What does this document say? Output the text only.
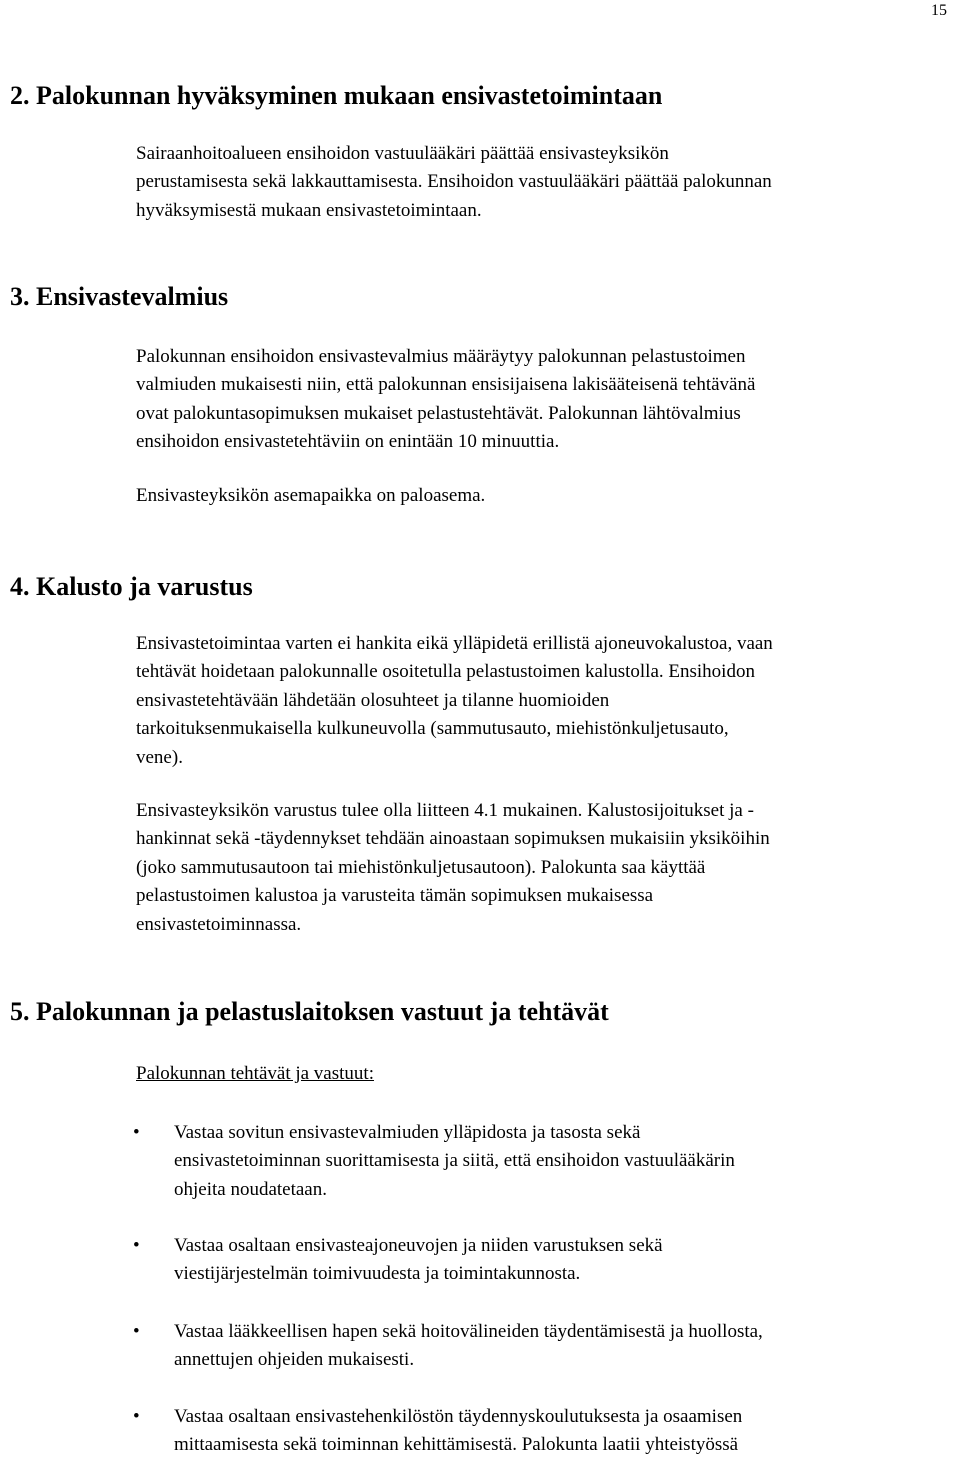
15
2. Palokunnan hyväksyminen mukaan ensivastetoimintaan
Sairaanhoitoalueen ensihoidon vastuulääkäri päättää ensivasteyksikön
perustamisesta sekä lakkauttamisesta. Ensihoidon vastuulääkäri päättää palokunnan
hyväksymisestä mukaan ensivastetoimintaan.
3. Ensivastevalmius
Palokunnan ensihoidon ensivastevalmius määräytyy palokunnan pelastustoimen
valmiuden mukaisesti niin, että palokunnan ensisijaisena lakisääteisenä tehtävänä
ovat palokuntasopimuksen mukaiset pelastustehtävät. Palokunnan lähtövalmius
ensihoidon ensivastetehtäviin on enintään 10 minuuttia.
Ensivasteyksikön asemapaikka on paloasema.
4. Kalusto ja varustus
Ensivastetoimintaa varten ei hankita eikä ylläpidetä erillistä ajoneuvokalustoa, vaan
tehtävät hoidetaan palokunnalle osoitetulla pelastustoimen kalustolla. Ensihoidon
ensivastetehtävään lähdetään olosuhteet ja tilanne huomioiden
tarkoituksenmukaisella kulkuneuvolla (sammutusauto, miehistönkuljetusauto,
vene).
Ensivasteyksikön varustus tulee olla liitteen 4.1 mukainen. Kalustosijoitukset ja -
hankinnat sekä -täydennykset tehdään ainoastaan sopimuksen mukaisiin yksiköihin
(joko sammutusautoon tai miehistönkuljetusautoon). Palokunta saa käyttää
pelastustoimen kalustoa ja varusteita tämän sopimuksen mukaisessa
ensivastetoiminnassa.
5. Palokunnan ja pelastuslaitoksen vastuut ja tehtävät
Palokunnan tehtävät ja vastuut:
• Vastaa sovitun ensivastevalmiuden ylläpidosta ja tasosta sekä
ensivastetoiminnan suorittamisesta ja siitä, että ensihoidon vastuulääkärin
ohjeita noudatetaan.
• Vastaa osaltaan ensivasteajoneuvojen ja niiden varustuksen sekä
viestijärjestelmän toimivuudesta ja toimintakunnosta.
• Vastaa lääkkeellisen hapen sekä hoitovälineiden täydentämisestä ja huollosta,
annettujen ohjeiden mukaisesti.
• Vastaa osaltaan ensivastehenkilöstön täydennyskoulutuksesta ja osaamisen
mittaamisesta sekä toiminnan kehittämisestä. Palokunta laatii yhteistyössä
